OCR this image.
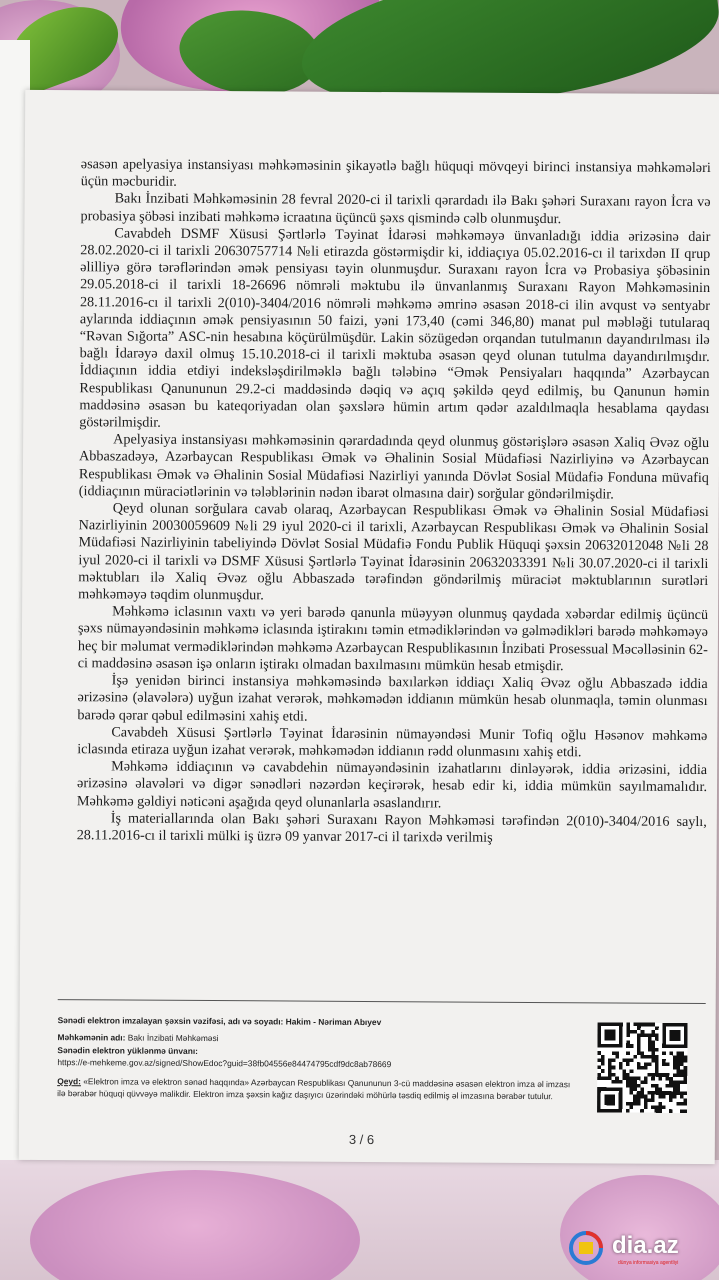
əsasən apelyasiya instansiyası məhkəməsinin şikayətlə bağlı hüquqi mövqeyi birinci instansiya məhkəmələri üçün məcburidir.

Bakı İnzibati Məhkəməsinin 28 fevral 2020-ci il tarixli qərardadı ilə Bakı şəhəri Suraxanı rayon İcra və probasiya şöbəsi inzibati məhkəmə icraatına üçüncü şəxs qismində cəlb olunmuşdur.

Cavabdeh DSMF Xüsusi Şərtlərlə Təyinat İdarəsi məhkəməyə ünvanladığı iddia ərizəsinə dair 28.02.2020-ci il tarixli 20630757714 №li etirazda göstərmişdir ki, iddiaçıya 05.02.2016-cı il tarixdən II qrup əlilliyə görə tərəflərindən əmək pensiyası təyin olunmuşdur. Suraxanı rayon İcra və Probasiya şöbəsinin 29.05.2018-ci il tarixli 18-26696 nömrəli məktubu ilə ünvanlanmış Suraxanı Rayon Məhkəməsinin 28.11.2016-cı il tarixli 2(010)-3404/2016 nömrəli məhkəmə əmrinə əsasən 2018-ci ilin avqust və sentyabr aylarında iddiaçının əmək pensiyasının 50 faizi, yəni 173,40 (cəmi 346,80) manat pul məbləği tutularaq “Rəvan Sığorta” ASC-nin hesabına köçürülmüşdür. Lakin sözügedən orqandan tutulmanın dayandırılması ilə bağlı İdarəyə daxil olmuş 15.10.2018-ci il tarixli məktuba əsasən qeyd olunan tutulma dayandırılmışdır. İddiaçının iddia etdiyi indeksləşdirilməklə bağlı tələbinə “Əmək Pensiyaları haqqında” Azərbaycan Respublikası Qanununun 29.2-ci maddəsində dəqiq və açıq şəkildə qeyd edilmiş, bu Qanunun həmin maddəsinə əsasən bu kateqoriyadan olan şəxslərə hümin artım qədər azaldılmaqla hesablama qaydası göstərilmişdir.

Apelyasiya instansiyası məhkəməsinin qərardadında qeyd olunmuş göstərişlərə əsasən Xaliq Əvəz oğlu Abbaszadəyə, Azərbaycan Respublikası Əmək və Əhalinin Sosial Müdafiəsi Nazirliyinə və Azərbaycan Respublikası Əmək və Əhalinin Sosial Müdafiəsi Nazirliyi yanında Dövlət Sosial Müdafiə Fonduna müvafiq (iddiaçının müraciətlərinin və tələblərinin nədən ibarət olmasına dair) sorğular göndərilmişdir.

Qeyd olunan sorğulara cavab olaraq, Azərbaycan Respublikası Əmək və Əhalinin Sosial Müdafiəsi Nazirliyinin 20030059609 №li 29 iyul 2020-ci il tarixli, Azərbaycan Respublikası Əmək və Əhalinin Sosial Müdafiəsi Nazirliyinin tabeliyində Dövlət Sosial Müdafiə Fondu Publik Hüquqi şəxsin 20632012048 №li 28 iyul 2020-ci il tarixli və DSMF Xüsusi Şərtlərlə Təyinat İdarəsinin 20632033391 №li 30.07.2020-ci il tarixli məktubları ilə Xaliq Əvəz oğlu Abbaszadə tərəfindən göndərilmiş müraciət məktublarının surətləri məhkəməyə təqdim olunmuşdur.

Məhkəmə iclasının vaxtı və yeri barədə qanunla müəyyən olunmuş qaydada xəbərdar edilmiş üçüncü şəxs nümayəndəsinin məhkəmə iclasında iştirakını təmin etmədiklərindən və gəlmədikləri barədə məhkəməyə heç bir məlumat vermədiklərindən məhkəmə Azərbaycan Respublikasının İnzibati Prosessual Məcəlləsinin 62-ci maddəsinə əsasən işə onların iştirakı olmadan baxılmasını mümkün hesab etmişdir.

İşə yenidən birinci instansiya məhkəməsində baxılarkən iddiaçı Xaliq Əvəz oğlu Abbaszadə iddia ərizəsinə (əlavələrə) uyğun izahat verərək, məhkəmədən iddianın mümkün hesab olunmaqla, təmin olunması barədə qərar qəbul edilməsini xahiş etdi.

Cavabdeh Xüsusi Şərtlərlə Təyinat İdarəsinin nümayəndəsi Munir Tofiq oğlu Həsənov məhkəmə iclasında etiraza uyğun izahat verərək, məhkəmədən iddianın rədd olunmasını xahiş etdi.

Məhkəmə iddiaçının və cavabdehin nümayəndəsinin izahatlarını dinləyərək, iddia ərizəsini, iddia ərizəsinə əlavələri və digər sənədləri nəzərdən keçirərək, hesab edir ki, iddia mümkün sayılmamalıdır. Məhkəmə gəldiyi nəticəni aşağıda qeyd olunanlarla əsaslandırır.

İş materiallarında olan Bakı şəhəri Suraxanı Rayon Məhkəməsi tərəfindən 2(010)-3404/2016 saylı, 28.11.2016-cı il tarixli mülki iş üzrə 09 yanvar 2017-ci il tarixdə verilmiş

Sənədi elektron imzalayan şəxsin vəzifəsi, adı və soyadı: Hakim - Nəriman Abıyev
Məhkəmənin adı: Bakı İnzibati Məhkəməsi
Sənədin elektron yüklənmə ünvanı:
https://e-mehkeme.gov.az/signed/ShowEdoc?guid=38fb04556e84474795cdf9dc8ab78669
Qeyd: «Elektron imza və elektron sənəd haqqında» Azərbaycan Respublikası Qanununun 3-cü maddəsinə əsasən elektron imza əl imzası ilə bərabər hüquqi qüvvəyə malikdir. Elektron imza şəxsin kağız daşıyıcı üzərindəki möhürlə təsdiq edilmiş əl imzasına bərabər tutulur.
3 / 6
dia.az
dünya informasiya agentliyi
